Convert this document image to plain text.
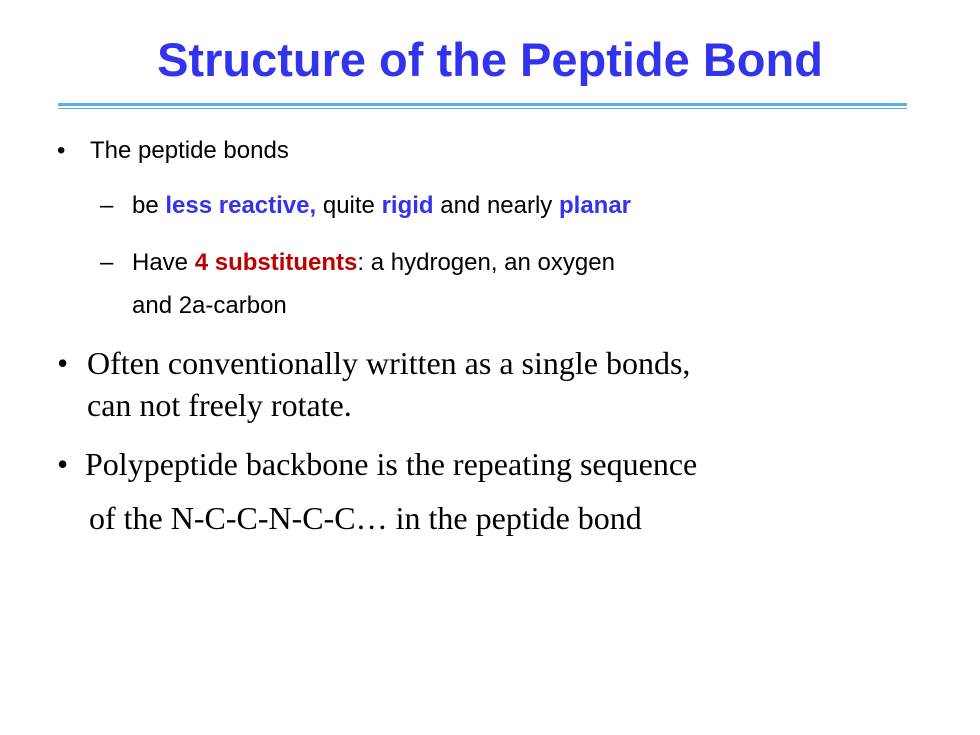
Structure of the Peptide Bond
• The peptide bonds

– be less reactive, quite rigid and nearly planar

– Have 4 substituents: a hydrogen, an oxygen

and 2a-carbon

• Often conventionally written as a single bonds,

can not freely rotate.

• Polypeptide backbone is the repeating sequence

of the N-C-C-N-C-C… in the peptide bond
